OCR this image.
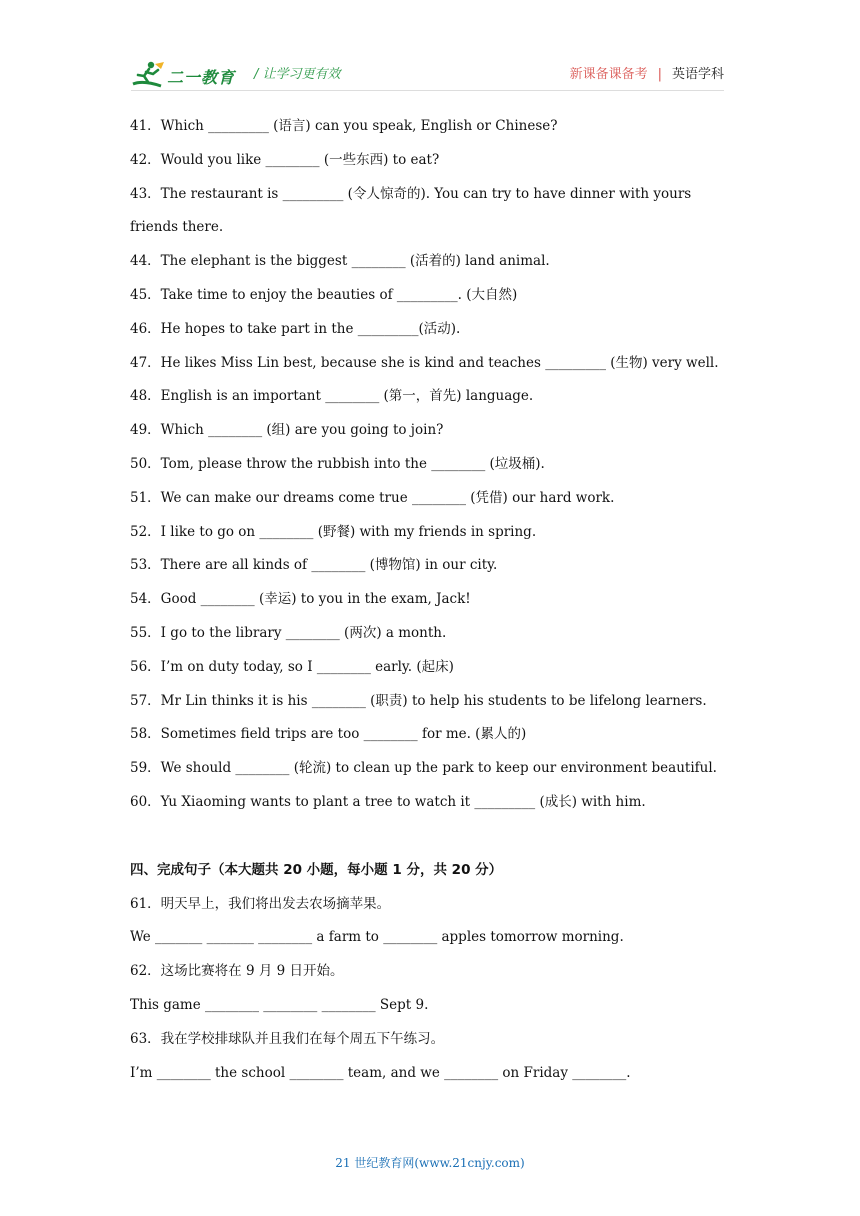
二一教育 / 让学习更有效	新课备课备考 | 英语学科
41．Which _________ (语言) can you speak, English or Chinese?
42．Would you like ________ (一些东西) to eat?
43．The restaurant is _________ (令人惊奇的). You can try to have dinner with yours friends there.
44．The elephant is the biggest ________ (活着的) land animal.
45．Take time to enjoy the beauties of _________. (大自然)
46．He hopes to take part in the _________(活动).
47．He likes Miss Lin best, because she is kind and teaches _________ (生物) very well.
48．English is an important ________ (第一，首先) language.
49．Which ________ (组) are you going to join?
50．Tom, please throw the rubbish into the ________ (垃圾桶).
51．We can make our dreams come true ________ (凭借) our hard work.
52．I like to go on ________ (野餐) with my friends in spring.
53．There are all kinds of ________ (博物馆) in our city.
54．Good ________ (幸运) to you in the exam, Jack!
55．I go to the library ________ (两次) a month.
56．I’m on duty today, so I ________ early. (起床)
57．Mr Lin thinks it is his ________ (职责) to help his students to be lifelong learners.
58．Sometimes field trips are too ________ for me. (累人的)
59．We should ________ (轮流) to clean up the park to keep our environment beautiful.
60．Yu Xiaoming wants to plant a tree to watch it _________ (成长) with him.
四、完成句子（本大题共 20 小题，每小题 1 分，共 20 分）
61．明天早上，我们将出发去农场摘苹果。
We _______ _______ ________ a farm to ________ apples tomorrow morning.
62．这场比赛将在 9 月 9 日开始。
This game ________ ________ ________ Sept 9.
63．我在学校排球队并且我们在每个周五下午练习。
I’m ________ the school ________ team, and we ________ on Friday ________.
21 世纪教育网(www.21cnjy.com)
